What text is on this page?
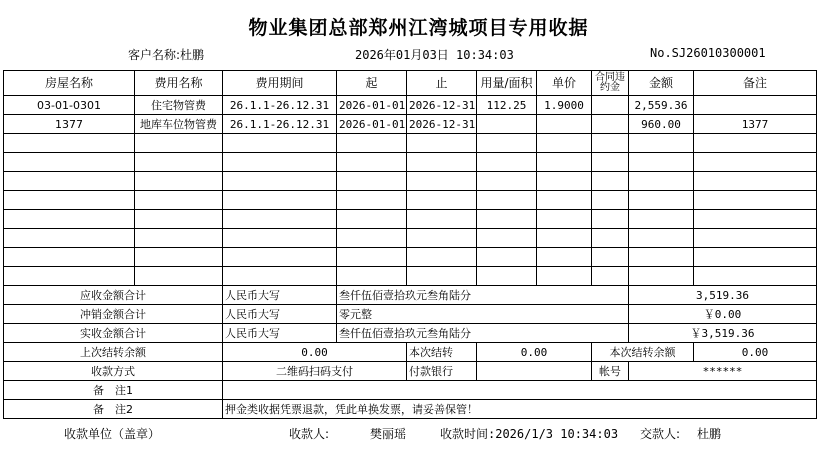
物业集团总部郑州江湾城项目专用收据
客户名称:杜鹏	2026年01月03日 10:34:03	No.SJ26010300001
房屋名称	费用名称	费用期间	起	止	用量/面积	单价	合同违约金	金额	备注
03-01-0301	住宅物管费	26.1.1-26.12.31	2026-01-01	2026-12-31	112.25	1.9000		2,559.36	
1377	地库车位物管费	26.1.1-26.12.31	2026-01-01	2026-12-31				960.00	1377

应收金额合计		人民币大写	叁仟伍佰壹拾玖元叁角陆分					3,519.36	
冲销金额合计		人民币大写	零元整					￥0.00	
实收金额合计		人民币大写	叁仟伍佰壹拾玖元叁角陆分					￥3,519.36	
上次结转余额		0.00		本次结转	0.00		本次结转余额		0.00
收款方式		二维码扫码支付		付款银行			帐号	******	
备　注1									
备　注2		押金类收据凭票退款，凭此单换发票，请妥善保管！							
收款单位（盖章）	收款人:	樊丽瑶	收款时间:2026/1/3 10:34:03 交款人: 杜鹏
